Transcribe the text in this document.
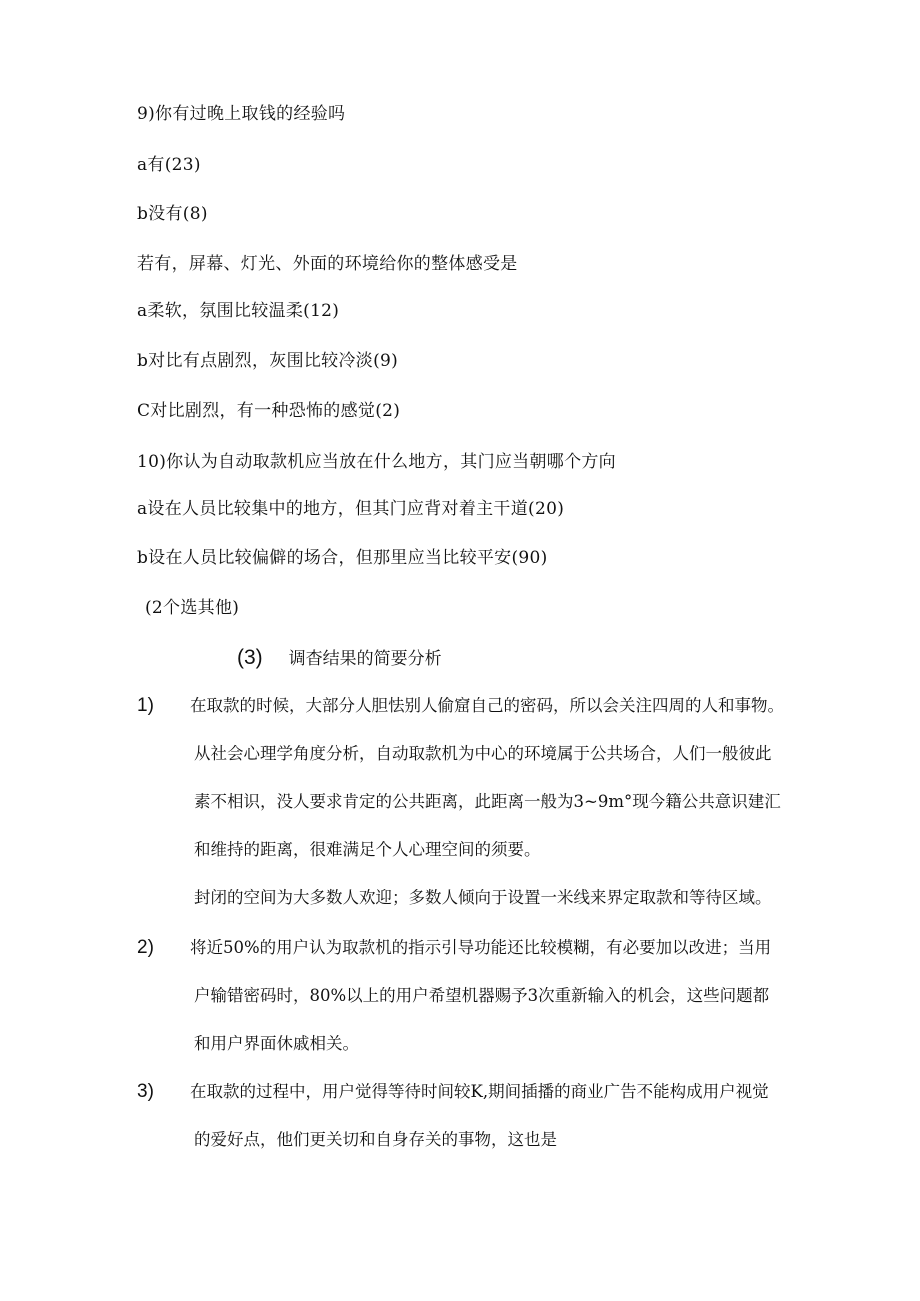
9)你有过晚上取钱的经验吗
a有(23)
b没有(8)
若有，屏幕、灯光、外面的环境给你的整体感受是
a柔软，氛围比较温柔(12)
b对比有点剧烈，灰围比较冷淡(9)
C对比剧烈，有一种恐怖的感觉(2)
10)你认为自动取款机应当放在什么地方，其门应当朝哪个方向
a设在人员比较集中的地方，但其门应背对着主干道(20)
b设在人员比较偏僻的场合，但那里应当比较平安(90)
(2个选其他)
(3) 调杳结果的简要分析
1) 在取款的时候，大部分人胆怯别人偷窟自己的密码，所以会关注四周的人和事物。
从社会心理学角度分析，自动取款机为中心的环境属于公共场合，人们一般彼此
素不相识，没人要求肯定的公共距离，此距离一般为3~9m°现今籍公共意识建汇
和维持的距离，很难满足个人心理空间的须要。
封闭的空间为大多数人欢迎；多数人倾向于设置一米线来界定取款和等待区域。
2) 将近50%的用户认为取款机的指示引导功能还比较模糊，有必要加以改进；当用
户输错密码时，80%以上的用户希望机器赐予3次重新输入的机会，这些问题都
和用户界面休戚相关。
3) 在取款的过程中，用户觉得等待时间较K,期间插播的商业广告不能构成用户视觉
的爱好点，他们更关切和自身存关的事物，这也是
